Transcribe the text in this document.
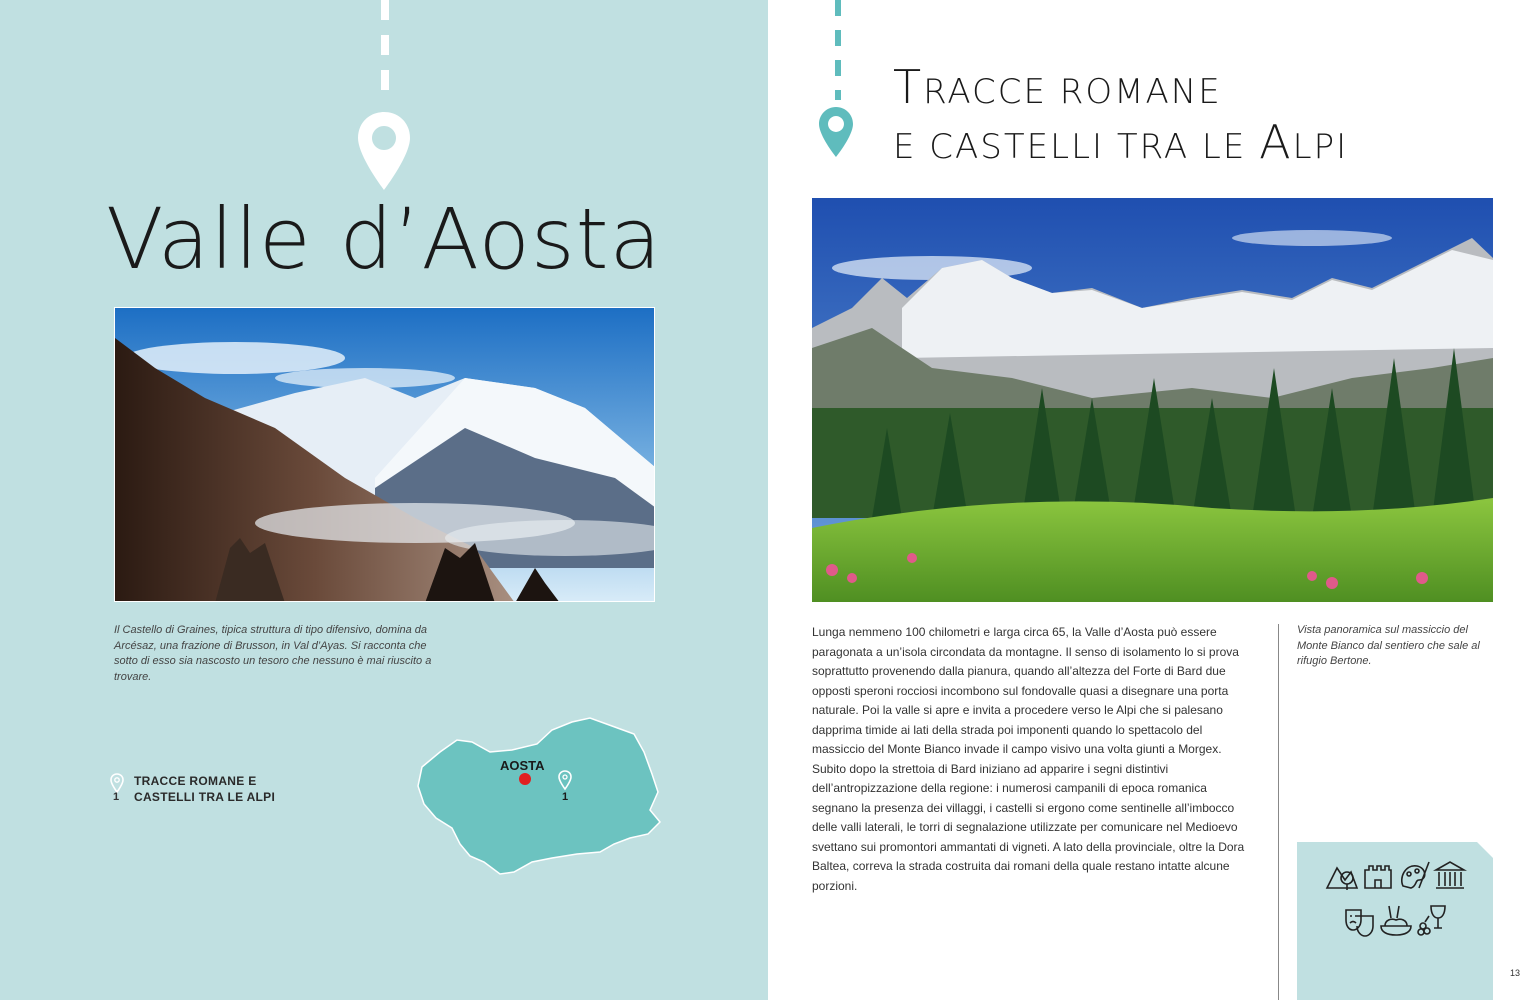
Valle d’Aosta
Il Castello di Graines, tipica struttura di tipo difensivo, domina da Arcésaz, una frazione di Brusson, in Val d’Ayas. Si racconta che sotto di esso sia nascosto un tesoro che nessuno è mai riuscito a trovare.
1
TRACCE ROMANE E
CASTELLI TRA LE ALPI
AOSTA
1
TRACCE ROMANE
E CASTELLI TRA LE ALPI
Lunga nemmeno 100 chilometri e larga circa 65, la Valle d’Aosta può essere paragonata a un’isola circondata da montagne. Il senso di isolamento lo si prova soprattutto provenendo dalla pianura, quando all’altezza del Forte di Bard due opposti speroni rocciosi incombono sul fondovalle quasi a disegnare una porta naturale. Poi la valle si apre e invita a procedere verso le Alpi che si palesano dapprima timide ai lati della strada poi imponenti quando lo spettacolo del massiccio del Monte Bianco invade il campo visivo una volta giunti a Morgex. Subito dopo la strettoia di Bard iniziano ad apparire i segni distintivi dell’antropizzazione della regione: i numerosi campanili di epoca romanica segnano la presenza dei villaggi, i castelli si ergono come sentinelle all’imbocco delle valli laterali, le torri di segnalazione utilizzate per comunicare nel Medioevo svettano sui promontori ammantati di vigneti. A lato della provinciale, oltre la Dora Baltea, correva la strada costruita dai romani della quale restano intatte alcune porzioni.
Vista panoramica sul massiccio del Monte Bianco dal sentiero che sale al rifugio Bertone.
13
